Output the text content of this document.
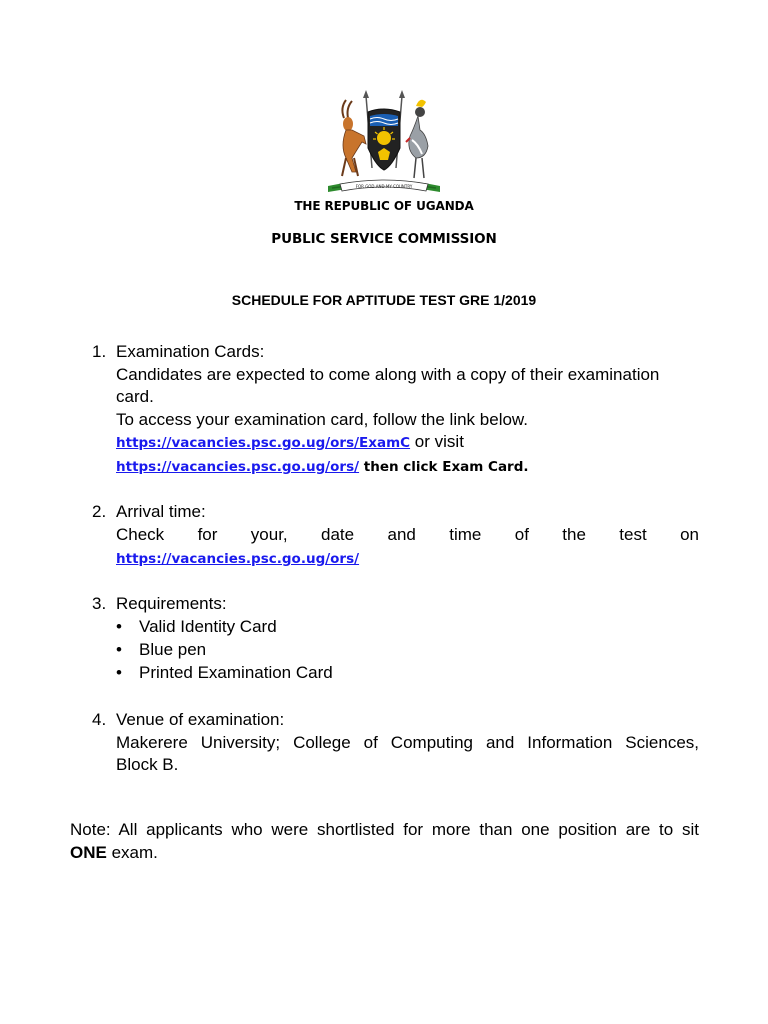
FOR GOD AND MY COUNTRY
THE REPUBLIC OF UGANDA
PUBLIC SERVICE COMMISSION
SCHEDULE FOR APTITUDE TEST GRE 1/2019
1. Examination Cards:
Candidates are expected to come along with a copy of their examination
card.
To access your examination card, follow the link below.
https://vacancies.psc.go.ug/ors/ExamC or visit
https://vacancies.psc.go.ug/ors/ then click Exam Card.
2. Arrival time:
Check for your, date and time of the test on
https://vacancies.psc.go.ug/ors/
3. Requirements:
• Valid Identity Card
• Blue pen
• Printed Examination Card
4. Venue of examination:
Makerere University; College of Computing and Information Sciences,
Block B.
Note: All applicants who were shortlisted for more than one position are to sit
ONE exam.
